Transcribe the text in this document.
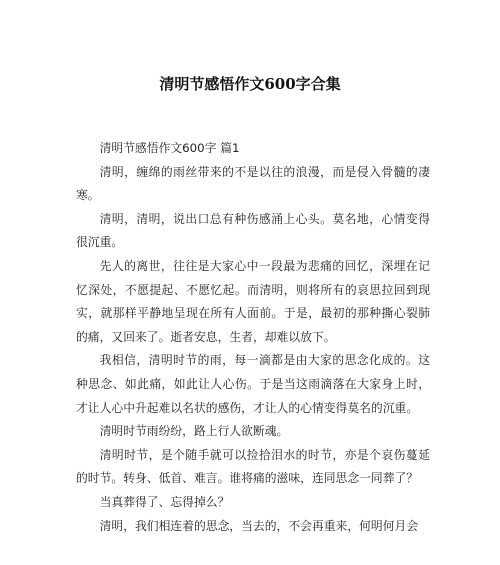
清明节感悟作文600字合集
清明节感悟作文600字 篇1

清明，缠绵的雨丝带来的不是以往的浪漫，而是侵入骨髓的凄
寒。

清明，清明，说出口总有种伤感涌上心头。莫名地，心情变得
很沉重。

先人的离世，往往是大家心中一段最为悲痛的回忆，深埋在记
忆深处，不愿提起、不愿忆起。而清明，则将所有的哀思拉回到现
实，就那样平静地呈现在所有人面前。于是，最初的那种撕心裂肺
的痛，又回来了。逝者安息，生者，却难以放下。

我相信，清明时节的雨，每一滴都是由大家的思念化成的。这
种思念、如此痛，如此让人心伤。于是当这雨滴落在大家身上时，
才让人心中升起难以名状的感伤，才让人的心情变得莫名的沉重。

清明时节雨纷纷，路上行人欲断魂。

清明时节，是个随手就可以捡拾泪水的时节，亦是个哀伤蔓延
的时节。转身、低首、难言。谁将痛的滋味，连同思念一同葬了？

当真葬得了、忘得掉么？

清明，我们相连着的思念，当去的，不会再重来，何明何月会
